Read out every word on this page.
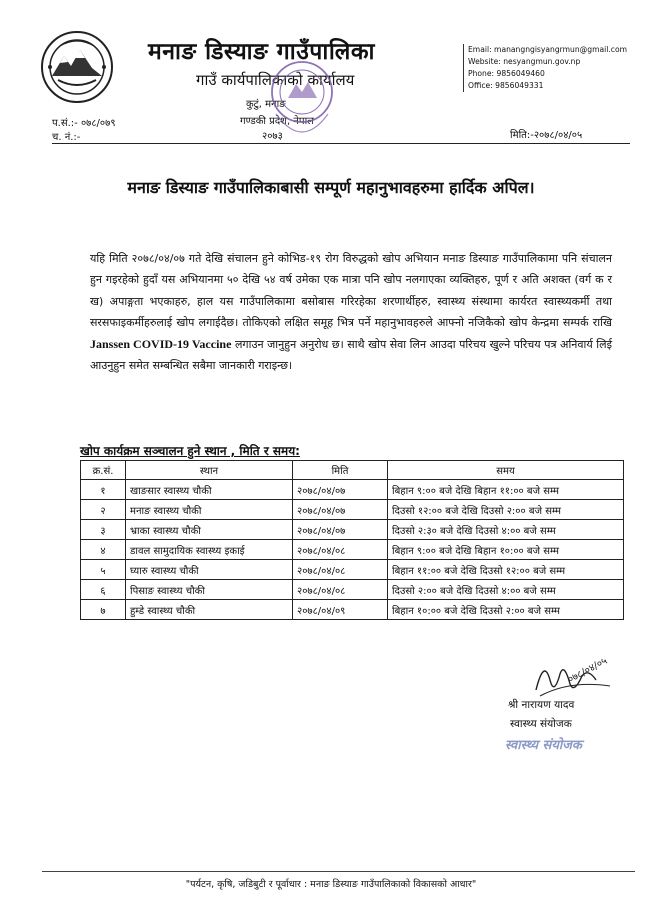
मनाङ डिस्याङ गाउँपालिका
गाउँ कार्यपालिकाको कार्यालय
कुटुं, मनाङ
गण्डकी प्रदेश, नेपाल
२०७३
Email: manangngisyangrmun@gmail.com
Website: nesyangmun.gov.np
Phone: 9856049460
Office: 9856049331
प.सं.:- ०७८/०७९
च. नं.:-	मिति:-२०७८/०४/०५
मनाङ डिस्याङ गाउँपालिकाबासी सम्पूर्ण महानुभावहरुमा हार्दिक अपिल।
यहि मिति २०७८/०४/०७ गते देखि संचालन हुने कोभिड-१९ रोग विरुद्धको खोप अभियान मनाङ डिस्याङ गाउँपालिकामा पनि संचालन हुन गइरहेको हुदाँ यस अभियानमा ५० देखि ५४ वर्ष उमेका एक मात्रा पनि खोप नलगाएका व्यक्तिहरु, पूर्ण र अति अशक्त (वर्ग क र ख) अपाङ्गता भएकाहरु, हाल यस गाउँपालिकामा बसोबास गरिरहेका शरणार्थीहरु, स्वास्थ्य संस्थामा कार्यरत स्वास्थ्यकर्मी तथा सरसफाइकर्मीहरुलाई खोप लगाईदैछ। तोकिएको लक्षित समूह भित्र पर्ने महानुभावहरुले आफ्नो नजिकैको खोप केन्द्रमा सम्पर्क राखि Janssen COVID-19 Vaccine लगाउन जानुहुन अनुरोध छ। साथै खोप सेवा लिन आउदा परिचय खुल्ने परिचय पत्र अनिवार्य लिई आउनुहुन समेत सम्बन्धित सबैमा जानकारी गराइन्छ।
खोप कार्यक्रम सञ्चालन हुने स्थान , मिति र समय:
क्र.सं.	स्थान	मिति	समय
१	खाङसार स्वास्थ्य चौकी	२०७८/०४/०७	बिहान ९:०० बजे देखि बिहान ११:०० बजे सम्म
२	मनाङ स्वास्थ्य चौकी	२०७८/०४/०७	दिउसो १२:०० बजे देखि दिउसो २:०० बजे सम्म
३	भ्राका स्वास्थ्य चौकी	२०७८/०४/०७	दिउसो २:३० बजे देखि दिउसो ४:०० बजे सम्म
४	डावल सामुदायिक स्वास्थ्य इकाई	२०७८/०४/०८	बिहान ९:०० बजे देखि बिहान १०:०० बजे सम्म
५	घ्यारु स्वास्थ्य चौकी	२०७८/०४/०८	बिहान ११:०० बजे देखि दिउसो १२:०० बजे सम्म
६	पिसाङ स्वास्थ्य चौकी	२०७८/०४/०८	दिउसो २:०० बजे देखि दिउसो ४:०० बजे सम्म
७	हुम्डे स्वास्थ्य चौकी	२०७८/०४/०९	बिहान १०:०० बजे देखि दिउसो २:०० बजे सम्म
०७८/०४/०५
श्री नारायण यादव
स्वास्थ्य संयोजक
स्वास्थ्य संयोजक
"पर्यटन, कृषि, जडिबुटी र पूर्वाधार : मनाङ डिस्याङ गाउँपालिकाको विकासको आधार"
